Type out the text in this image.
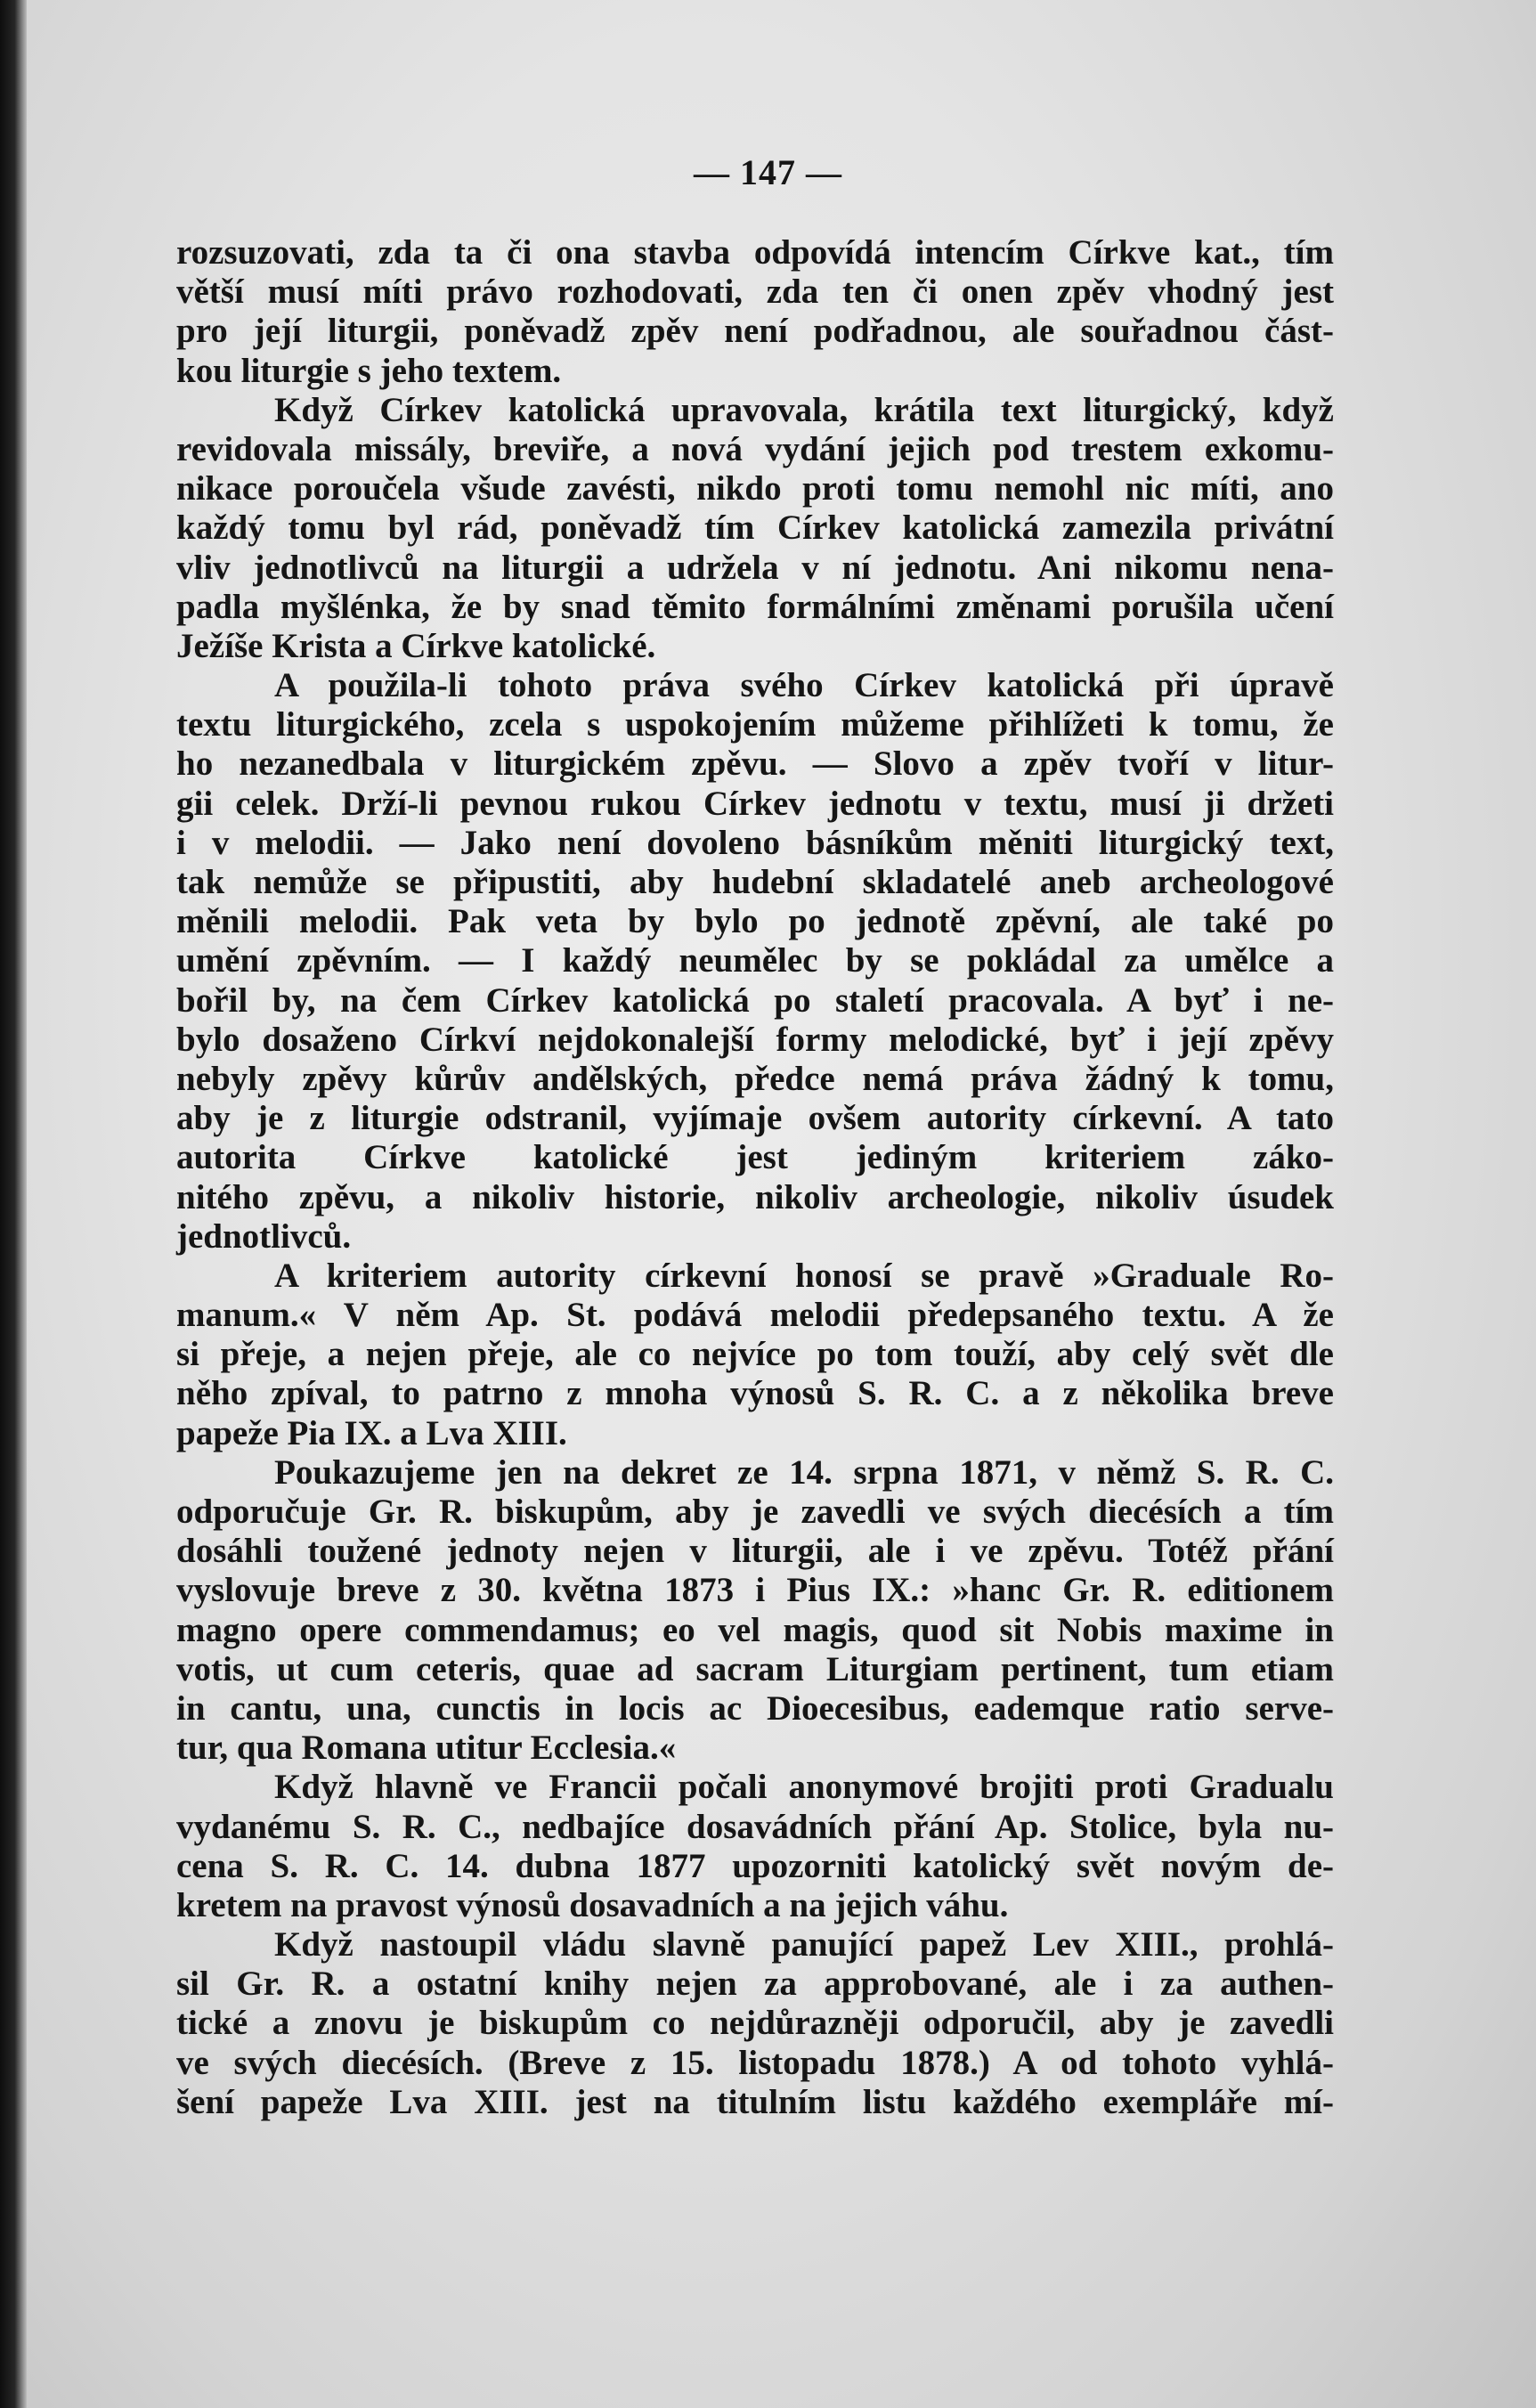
— 147 —
rozsuzovati, zda ta či ona stavba odpovídá intencím Církve kat., tím
větší musí míti právo rozhodovati, zda ten či onen zpěv vhodný jest
pro její liturgii, poněvadž zpěv není podřadnou, ale souřadnou část-
kou liturgie s jeho textem.
Když Církev katolická upravovala, krátila text liturgický, když
revidovala missály, breviře, a nová vydání jejich pod trestem exkomu-
nikace poroučela všude zavésti, nikdo proti tomu nemohl nic míti, ano
každý tomu byl rád, poněvadž tím Církev katolická zamezila privátní
vliv jednotlivců na liturgii a udržela v ní jednotu. Ani nikomu nena-
padla myšlénka, že by snad těmito formálními změnami porušila učení
Ježíše Krista a Církve katolické.
A použila-li tohoto práva svého Církev katolická při úpravě
textu liturgického, zcela s uspokojením můžeme přihlížeti k tomu, že
ho nezanedbala v liturgickém zpěvu. — Slovo a zpěv tvoří v litur-
gii celek. Drží-li pevnou rukou Církev jednotu v textu, musí ji držeti
i v melodii. — Jako není dovoleno básníkům měniti liturgický text,
tak nemůže se připustiti, aby hudební skladatelé aneb archeologové
měnili melodii. Pak veta by bylo po jednotě zpěvní, ale také po
umění zpěvním. — I každý neumělec by se pokládal za umělce a
bořil by, na čem Církev katolická po staletí pracovala. A byť i ne-
bylo dosaženo Církví nejdokonalejší formy melodické, byť i její zpěvy
nebyly zpěvy kůrův andělských, předce nemá práva žádný k tomu,
aby je z liturgie odstranil, vyjímaje ovšem autority církevní. A tato
autorita Církve katolické jest jediným kriteriem záko-
nitého zpěvu, a nikoliv historie, nikoliv archeologie, nikoliv úsudek
jednotlivců.
A kriteriem autority církevní honosí se pravě »Graduale Ro-
manum.« V něm Ap. St. podává melodii předepsaného textu. A že
si přeje, a nejen přeje, ale co nejvíce po tom touží, aby celý svět dle
něho zpíval, to patrno z mnoha výnosů S. R. C. a z několika breve
papeže Pia IX. a Lva XIII.
Poukazujeme jen na dekret ze 14. srpna 1871, v němž S. R. C.
odporučuje Gr. R. biskupům, aby je zavedli ve svých diecésích a tím
dosáhli toužené jednoty nejen v liturgii, ale i ve zpěvu. Totéž přání
vyslovuje breve z 30. května 1873 i Pius IX.: »hanc Gr. R. editionem
magno opere commendamus; eo vel magis, quod sit Nobis maxime in
votis, ut cum ceteris, quae ad sacram Liturgiam pertinent, tum etiam
in cantu, una, cunctis in locis ac Dioecesibus, eademque ratio serve-
tur, qua Romana utitur Ecclesia.«
Když hlavně ve Francii počali anonymové brojiti proti Gradualu
vydanému S. R. C., nedbajíce dosavádních přání Ap. Stolice, byla nu-
cena S. R. C. 14. dubna 1877 upozorniti katolický svět novým de-
kretem na pravost výnosů dosavadních a na jejich váhu.
Když nastoupil vládu slavně panující papež Lev XIII., prohlá-
sil Gr. R. a ostatní knihy nejen za approbované, ale i za authen-
tické a znovu je biskupům co nejdůrazněji odporučil, aby je zavedli
ve svých diecésích. (Breve z 15. listopadu 1878.) A od tohoto vyhlá-
šení papeže Lva XIII. jest na titulním listu každého exempláře mí-
